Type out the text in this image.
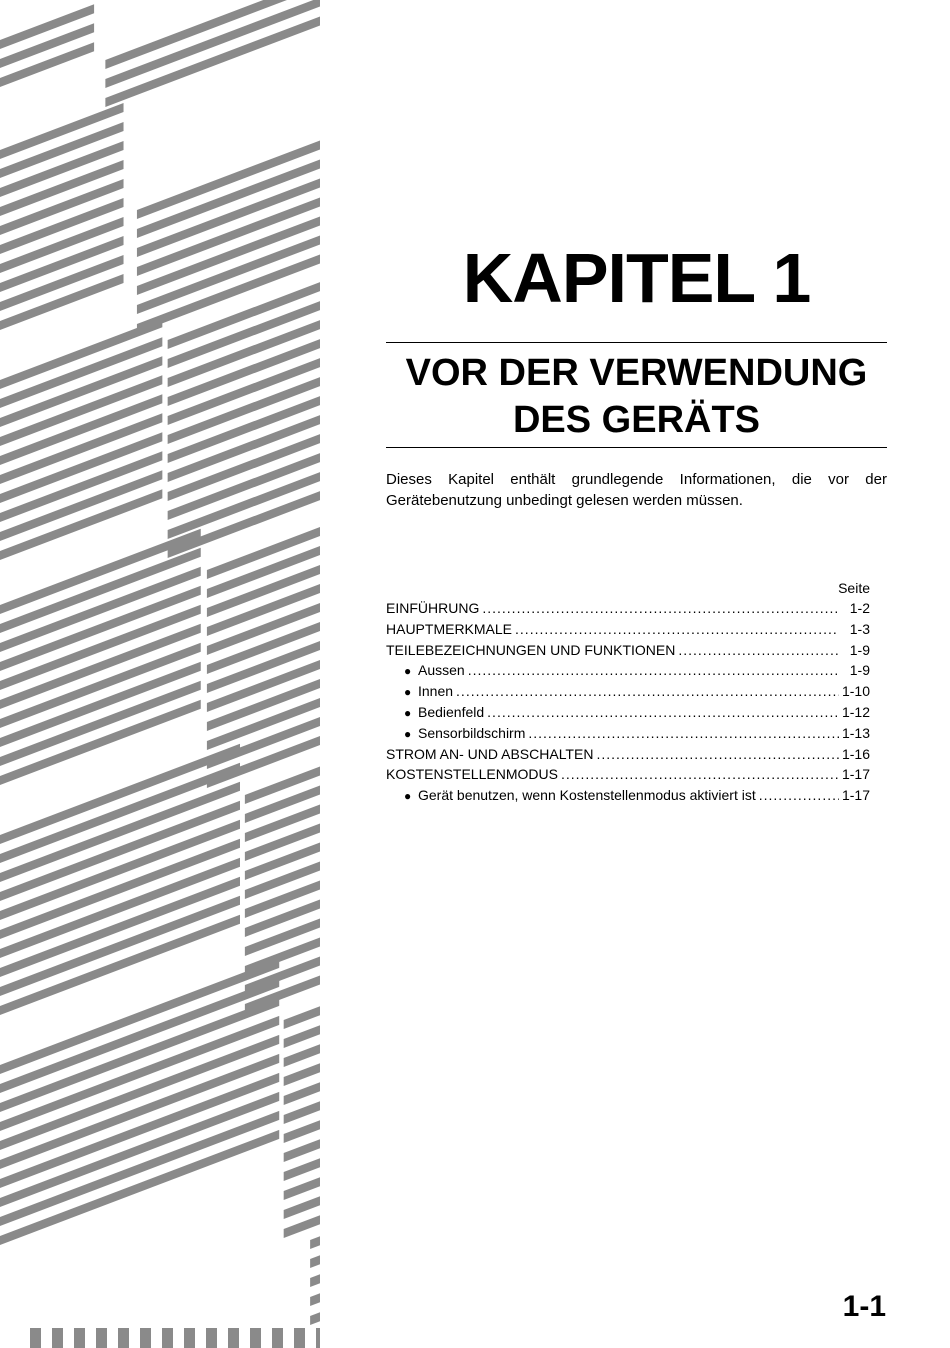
KAPITEL 1
VOR DER VERWENDUNG
DES GERÄTS

Dieses Kapitel enthält grundlegende Informationen, die vor der Gerätebenutzung unbedingt gelesen werden müssen.

Seite
EINFÜHRUNG .....	1-2
HAUPTMERKMALE .....	1-3
TEILEBEZEICHNUNGEN UND FUNKTIONEN .....	1-9
● Aussen .....	1-9
● Innen .....	1-10
● Bedienfeld .....	1-12
● Sensorbildschirm .....	1-13
STROM AN- UND ABSCHALTEN .....	1-16
KOSTENSTELLENMODUS .....	1-17
● Gerät benutzen, wenn Kostenstellenmodus aktiviert ist .....	1-17
1-1
